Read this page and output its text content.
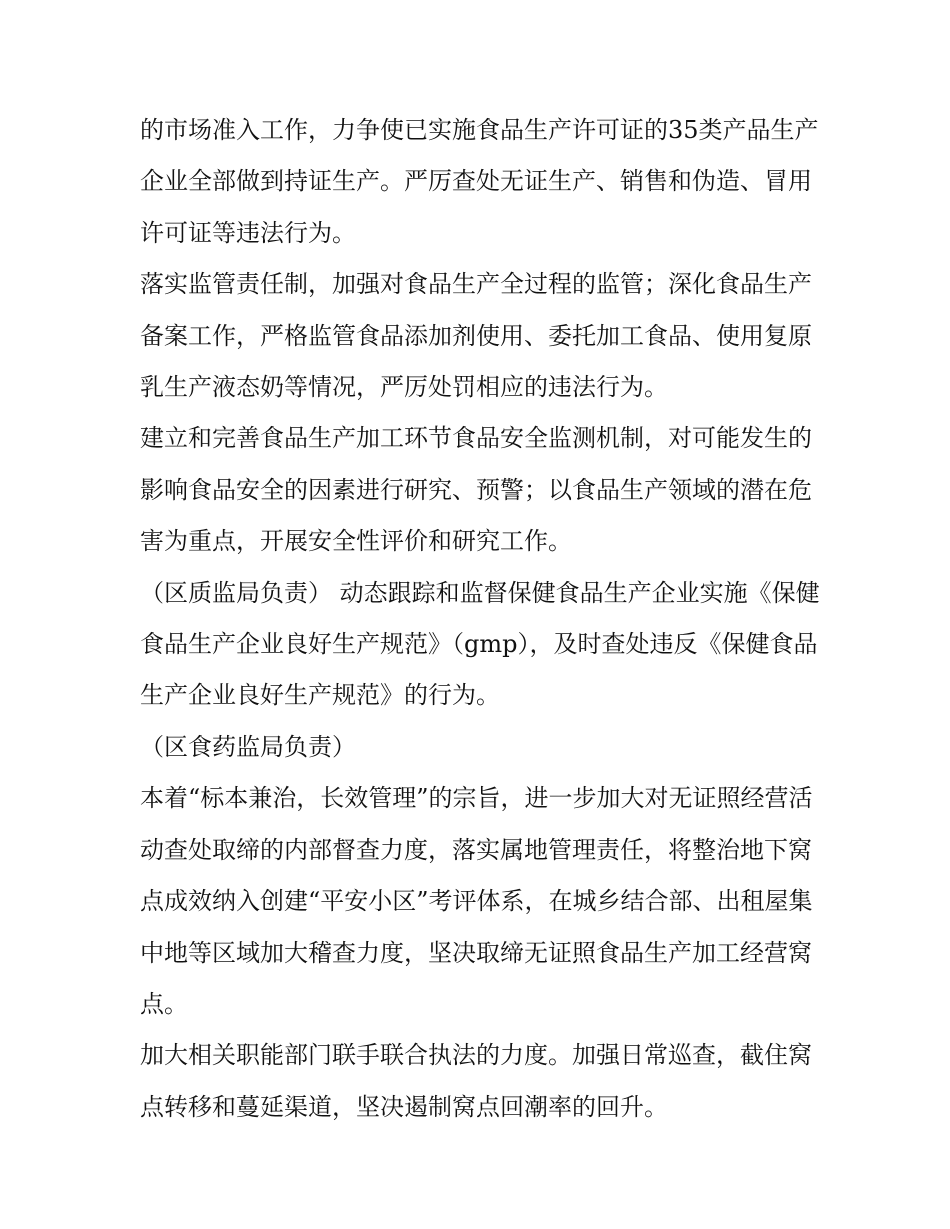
的市场准入工作，力争使已实施食品生产许可证的35类产品生产企业全部做到持证生产。严厉查处无证生产、销售和伪造、冒用许可证等违法行为。

落实监管责任制，加强对食品生产全过程的监管；深化食品生产备案工作，严格监管食品添加剂使用、委托加工食品、使用复原乳生产液态奶等情况，严厉处罚相应的违法行为。

建立和完善食品生产加工环节食品安全监测机制，对可能发生的影响食品安全的因素进行研究、预警；以食品生产领域的潜在危害为重点，开展安全性评价和研究工作。

（区质监局负责） 动态跟踪和监督保健食品生产企业实施《保健食品生产企业良好生产规范》（gmp），及时查处违反《保健食品生产企业良好生产规范》的行为。

（区食药监局负责）

本着“标本兼治，长效管理”的宗旨，进一步加大对无证照经营活动查处取缔的内部督查力度，落实属地管理责任，将整治地下窝点成效纳入创建“平安小区”考评体系，在城乡结合部、出租屋集中地等区域加大稽查力度，坚决取缔无证照食品生产加工经营窝点。

加大相关职能部门联手联合执法的力度。加强日常巡查，截住窝点转移和蔓延渠道，坚决遏制窝点回潮率的回升。
